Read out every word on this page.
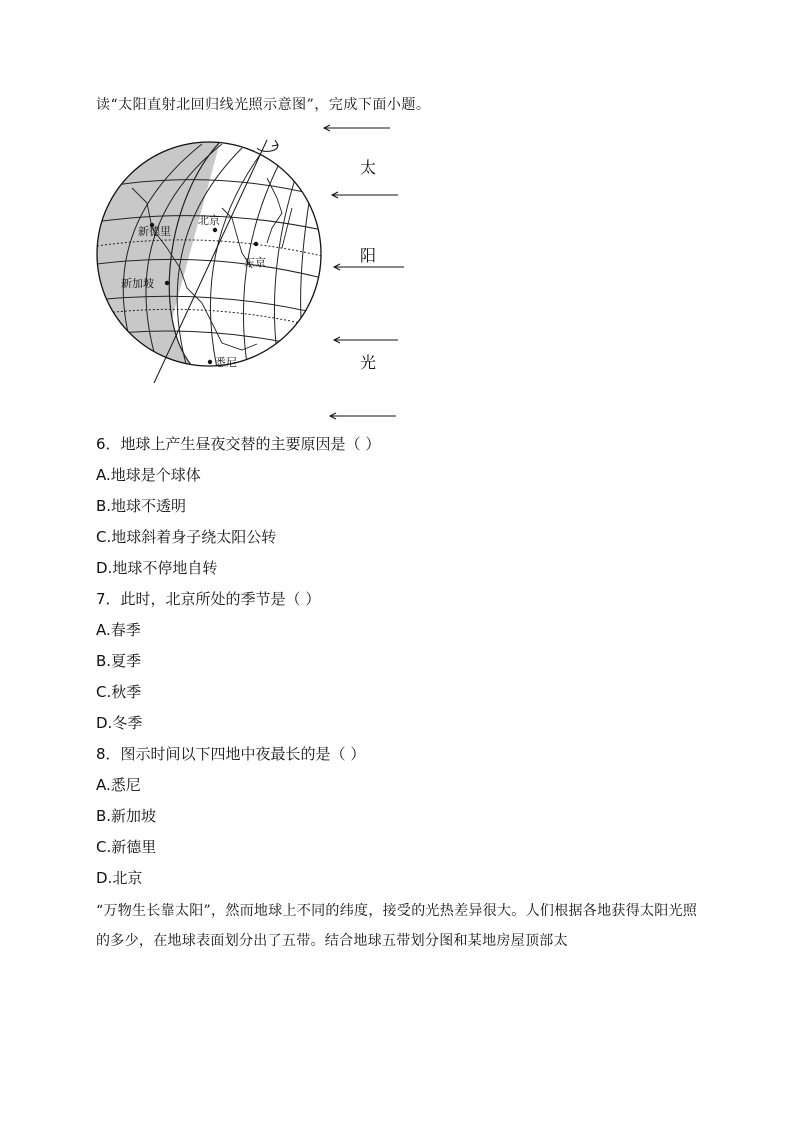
读“太阳直射北回归线光照示意图”，完成下面小题。
新德里
北京
东京
新加坡
悉尼
太
阳
光
6．地球上产生昼夜交替的主要原因是（ ）
A.地球是个球体
B.地球不透明
C.地球斜着身子绕太阳公转
D.地球不停地自转
7．此时，北京所处的季节是（ ）
A.春季
B.夏季
C.秋季
D.冬季
8．图示时间以下四地中夜最长的是（ ）
A.悉尼
B.新加坡
C.新德里
D.北京
“万物生长靠太阳”，然而地球上不同的纬度，接受的光热差异很大。人们根据各地获得太阳光照的多少，在地球表面划分出了五带。结合地球五带划分图和某地房屋顶部太
